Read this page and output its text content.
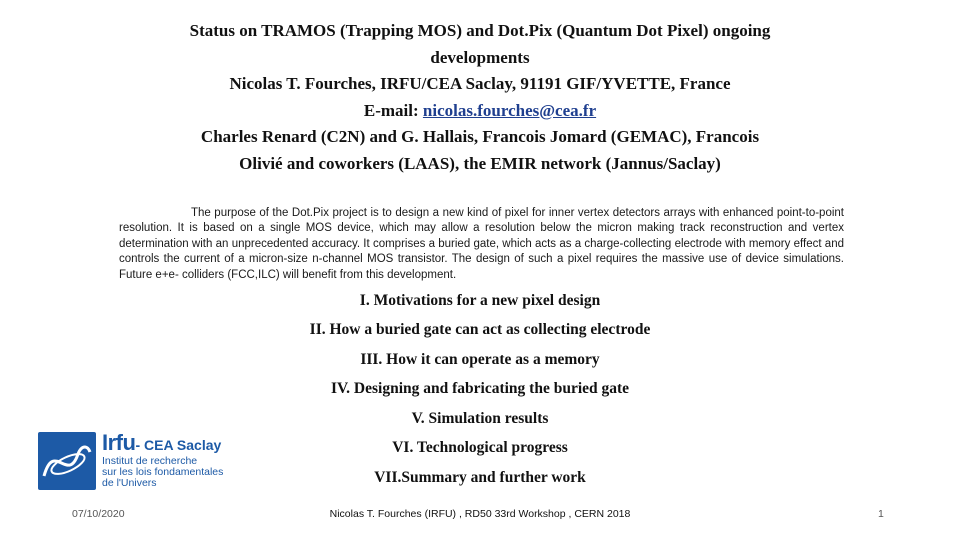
Status on TRAMOS (Trapping MOS) and Dot.Pix (Quantum Dot Pixel) ongoing
developments
Nicolas T. Fourches, IRFU/CEA Saclay, 91191 GIF/YVETTE, France
E-mail: nicolas.fourches@cea.fr
Charles Renard (C2N) and G. Hallais, Francois Jomard (GEMAC), Francois
Olivié and coworkers (LAAS), the EMIR network (Jannus/Saclay)
The purpose of the Dot.Pix project is to design a new kind of pixel for inner vertex detectors arrays with enhanced point-to-point resolution. It is based on a single MOS device, which may allow a resolution below the micron making track reconstruction and vertex determination with an unprecedented accuracy. It comprises a buried gate, which acts as a charge-collecting electrode with memory effect and controls the current of a micron-size n-channel MOS transistor. The design of such a pixel requires the massive use of device simulations. Future e+e- colliders (FCC,ILC) will benefit from this development.
I. Motivations for a new pixel design
II. How a buried gate can act as collecting electrode
III. How it can operate as a memory
IV. Designing and fabricating the buried gate
V. Simulation results
VI. Technological progress
VII.Summary and further work
Irfu- CEA Saclay
Institut de recherche
sur les lois fondamentales
de l'Univers
07/10/2020	Nicolas T. Fourches (IRFU) , RD50 33rd Workshop , CERN 2018	1
